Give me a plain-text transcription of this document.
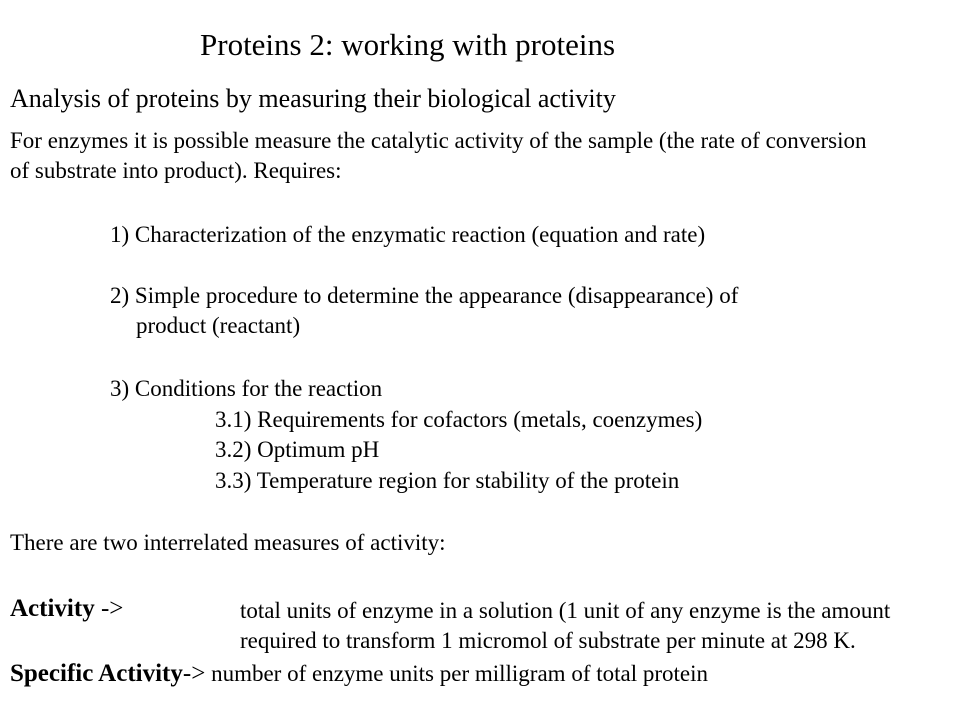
Proteins 2: working with proteins
Analysis of proteins by measuring their biological activity
For enzymes it is possible measure the catalytic activity of the sample (the rate of conversion
of substrate into product). Requires:
1) Characterization of the enzymatic reaction (equation and rate)
2) Simple procedure to determine the appearance (disappearance) of
product (reactant)
3) Conditions for the reaction
3.1) Requirements for cofactors (metals, coenzymes)
3.2) Optimum pH
3.3) Temperature region for stability of the protein
There are two interrelated measures of activity:
Activity ->	total units of enzyme in a solution (1 unit of any enzyme is the amount
required to transform 1 micromol of substrate per minute at 298 K.
Specific Activity-> number of enzyme units per milligram of total protein
